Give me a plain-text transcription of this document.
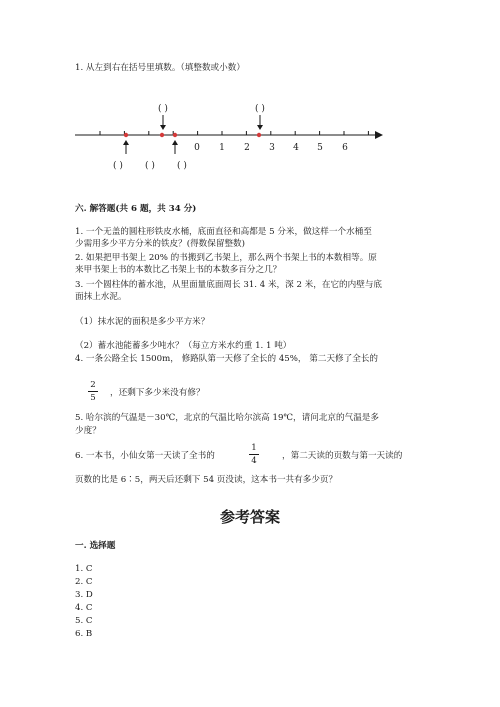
1. 从左到右在括号里填数。（填整数或小数）
0 1 2 3 4 5 6
( )	( )
( ) ( ) ( )
六. 解答题(共 6 题，共 34 分)
1. 一个无盖的圆柱形铁皮水桶，底面直径和高都是 5 分米，做这样一个水桶至
少需用多少平方分米的铁皮？(得数保留整数)
2. 如果把甲书架上 20% 的书搬到乙书架上，那么两个书架上书的本数相等。原
来甲书架上书的本数比乙书架上书的本数多百分之几？
3. 一个圆柱体的蓄水池，从里面量底面周长 31. 4 米，深 2 米，在它的内壁与底
面抹上水泥。
（1）抹水泥的面积是多少平方米？
（2）蓄水池能蓄多少吨水？（每立方米水约重 1. 1 吨）
4. 一条公路全长 1500m， 修路队第一天修了全长的 45%， 第二天修了全长的
2
5	，还剩下多少米没有修？
5. 哈尔滨的气温是－30℃，北京的气温比哈尔滨高 19℃，请问北京的气温是多
少度？
6. 一本书，小仙女第一天读了全书的
1
4	，第二天读的页数与第一天读的
页数的比是 6∶5，两天后还剩下 54 页没读，这本书一共有多少页？
参考答案
一. 选择题
1. C
2. C
3. D
4. C
5. C
6. B
